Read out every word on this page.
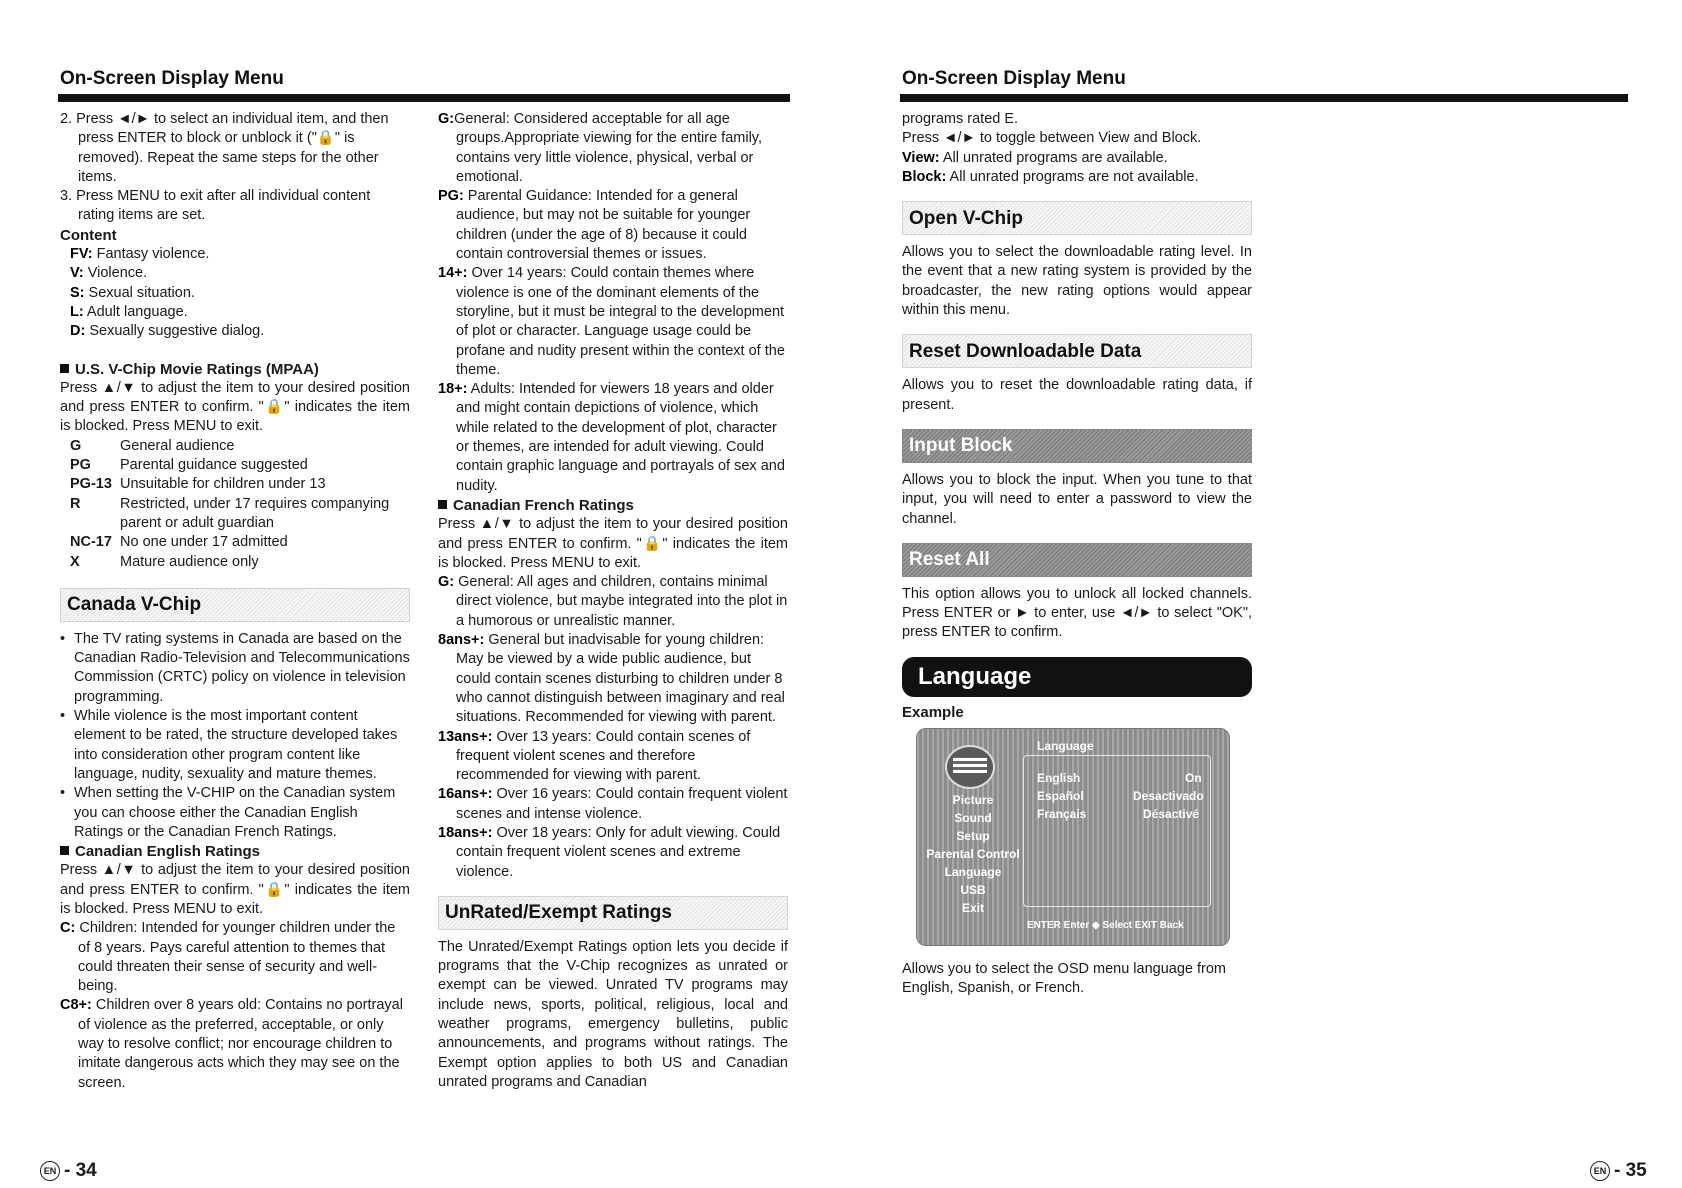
On-Screen Display Menu

2. Press ◄/► to select an individual item, and then press ENTER to block or unblock it ("🔒" is removed). Repeat the same steps for the other items.

3. Press MENU to exit after all individual content rating items are set.

Content

FV: Fantasy violence.

V: Violence.

S: Sexual situation.

L: Adult language.

D: Sexually suggestive dialog.

U.S. V-Chip Movie Ratings (MPAA)

Press ▲/▼ to adjust the item to your desired position and press ENTER to confirm. "🔒" indicates the item is blocked. Press MENU to exit.

G	General audience
PG	Parental guidance suggested
PG-13 Unsuitable for children under 13
R	Restricted, under 17 requires companying parent or adult guardian
NC-17 No one under 17 admitted
X	Mature audience only
Canada V-Chip

• The TV rating systems in Canada are based on the Canadian Radio-Television and Telecommunications Commission (CRTC) policy on violence in television programming.

• While violence is the most important content element to be rated, the structure developed takes into consideration other program content like language, nudity, sexuality and mature themes.

• When setting the V-CHIP on the Canadian system you can choose either the Canadian English Ratings or the Canadian French Ratings.

Canadian English Ratings

Press ▲/▼ to adjust the item to your desired position and press ENTER to confirm. "🔒" indicates the item is blocked. Press MENU to exit.

C: Children: Intended for younger children under the of 8 years. Pays careful attention to themes that could threaten their sense of security and well-being.

C8+: Children over 8 years old: Contains no portrayal of violence as the preferred, acceptable, or only way to resolve conflict; nor encourage children to imitate dangerous acts which they may see on the screen.

G:General: Considered acceptable for all age groups.Appropriate viewing for the entire family, contains very little violence, physical, verbal or emotional.

PG: Parental Guidance: Intended for a general audience, but may not be suitable for younger children (under the age of 8) because it could contain controversial themes or issues.

14+: Over 14 years: Could contain themes where violence is one of the dominant elements of the storyline, but it must be integral to the development of plot or character. Language usage could be profane and nudity present within the context of the theme.

18+: Adults: Intended for viewers 18 years and older and might contain depictions of violence, which while related to the development of plot, character or themes, are intended for adult viewing. Could contain graphic language and portrayals of sex and nudity.

Canadian French Ratings

Press ▲/▼ to adjust the item to your desired position and press ENTER to confirm. "🔒" indicates the item is blocked. Press MENU to exit.

G: General: All ages and children, contains minimal direct violence, but maybe integrated into the plot in a humorous or unrealistic manner.

8ans+: General but inadvisable for young children: May be viewed by a wide public audience, but could contain scenes disturbing to children under 8 who cannot distinguish between imaginary and real situations. Recommended for viewing with parent.

13ans+: Over 13 years: Could contain scenes of frequent violent scenes and therefore recommended for viewing with parent.

16ans+: Over 16 years: Could contain frequent violent scenes and intense violence.

18ans+: Over 18 years: Only for adult viewing. Could contain frequent violent scenes and extreme violence.

UnRated/Exempt Ratings

The Unrated/Exempt Ratings option lets you decide if programs that the V-Chip recognizes as unrated or exempt can be viewed. Unrated TV programs may include news, sports, political, religious, local and weather programs, emergency bulletins, public announcements, and programs without ratings. The Exempt option applies to both US and Canadian unrated programs and Canadian

EN - 34
On-Screen Display Menu

programs rated E.

Press ◄/► to toggle between View and Block.

View: All unrated programs are available.

Block: All unrated programs are not available.

Open V-Chip

Allows you to select the downloadable rating level. In the event that a new rating system is provided by the broadcaster, the new rating options would appear within this menu.

Reset Downloadable Data

Allows you to reset the downloadable rating data, if present.

Input Block

Allows you to block the input. When you tune to that input, you will need to enter a password to view the channel.

Reset All

This option allows you to unlock all locked channels. Press ENTER or ► to enter, use ◄/► to select "OK", press ENTER to confirm.

Language

Example

Language
Picture
Sound
Setup
Parental Control
Language
USB
Exit
English	On
Español	Desactivado
Français	Désactivé
ENTER Enter ◆ Select EXIT Back

Allows you to select the OSD menu language from English, Spanish, or French.

EN - 35
